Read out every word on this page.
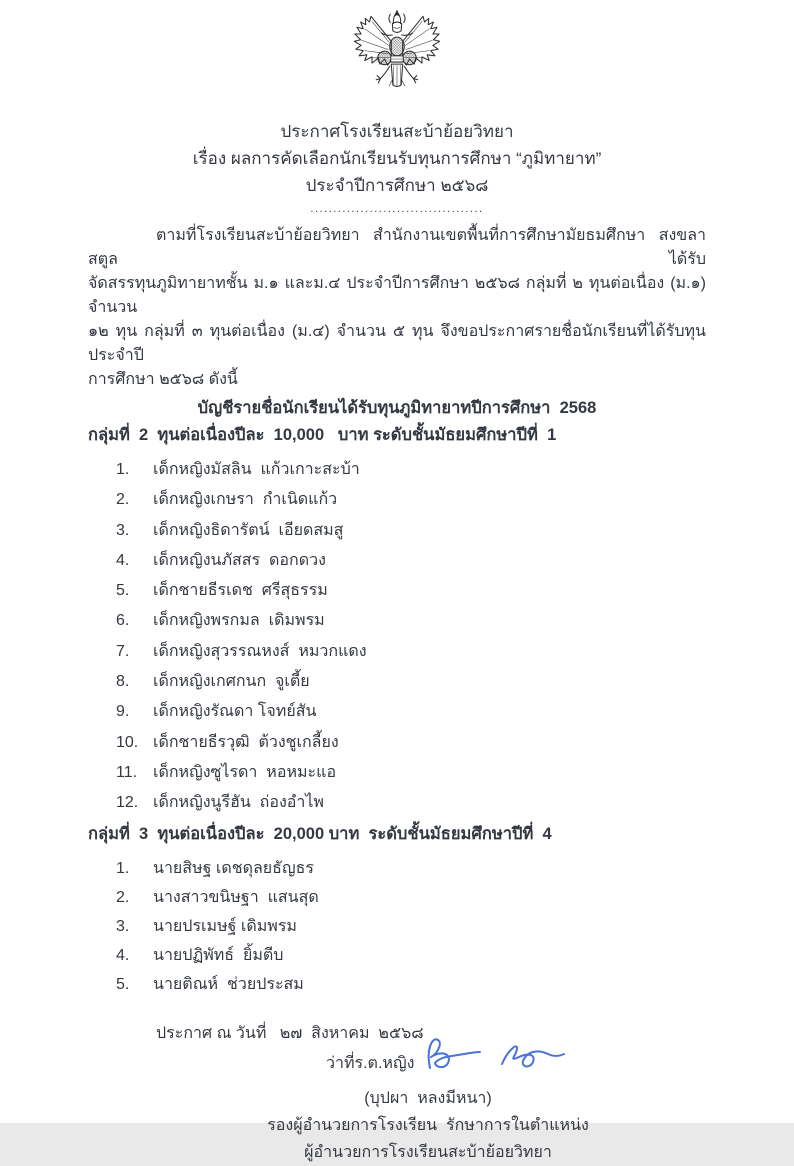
ประกาศโรงเรียนสะบ้าย้อยวิทยา
เรื่อง ผลการคัดเลือกนักเรียนรับทุนการศึกษา “ภูมิทายาท”
ประจำปีการศึกษา ๒๕๖๘
......................................
ตามที่โรงเรียนสะบ้าย้อยวิทยา สำนักงานเขตพื้นที่การศึกษามัยธมศึกษา สงขลา สตูล ได้รับ
จัดสรรทุนภูมิทายาทชั้น ม.๑ และม.๔ ประจำปีการศึกษา ๒๕๖๘ กลุ่มที่ ๒ ทุนต่อเนื่อง (ม.๑) จำนวน
๑๒ ทุน กลุ่มที่ ๓ ทุนต่อเนื่อง (ม.๔) จำนวน ๕ ทุน จึงขอประกาศรายชื่อนักเรียนที่ได้รับทุน ประจำปี
การศึกษา ๒๕๖๘ ดังนี้
บัญชีรายชื่อนักเรียนได้รับทุนภูมิทายาทปีการศึกษา  2568
กลุ่มที่  2  ทุนต่อเนื่องปีละ  10,000   บาท ระดับชั้นมัธยมศึกษาปีที่  1
1.	เด็กหญิงมัสลิน  แก้วเกาะสะบ้า
2.	เด็กหญิงเกษรา  กำเนิดแก้ว
3.	เด็กหญิงธิดารัตน์  เอียดสมสู
4.	เด็กหญิงนภัสสร  ดอกดวง
5.	เด็กชายธีรเดช  ศรีสุธรรม
6.	เด็กหญิงพรกมล  เดิมพรม
7.	เด็กหญิงสุวรรณหงส์  หมวกแดง
8.	เด็กหญิงเกศกนก  จูเตี้ย
9.	เด็กหญิงรัณดา โจทย์สัน
10. เด็กชายธีรวุฒิ  ต้วงชูเกลี้ยง
11. เด็กหญิงซูไรดา  หอหมะแอ
12. เด็กหญิงนูรีฮัน  ถ่องอำไพ
กลุ่มที่  3  ทุนต่อเนื่องปีละ  20,000 บาท  ระดับชั้นมัธยมศึกษาปีที่  4
1.	นายสิษฐ เดชดุลยธัญธร
2.	นางสาวขนิษฐา  แสนสุด
3.	นายปรเมษฐ์ เดิมพรม
4.	นายปฏิพัทธ์  ยิ้มตีบ
5.	นายติณห์  ช่วยประสม
ประกาศ ณ วันที่   ๒๗  สิงหาคม  ๒๕๖๘
ว่าที่ร.ต.หญิง
(บุปผา  หลงมีหนา)
รองผู้อำนวยการโรงเรียน  รักษาการในตำแหน่ง
ผู้อำนวยการโรงเรียนสะบ้าย้อยวิทยา
